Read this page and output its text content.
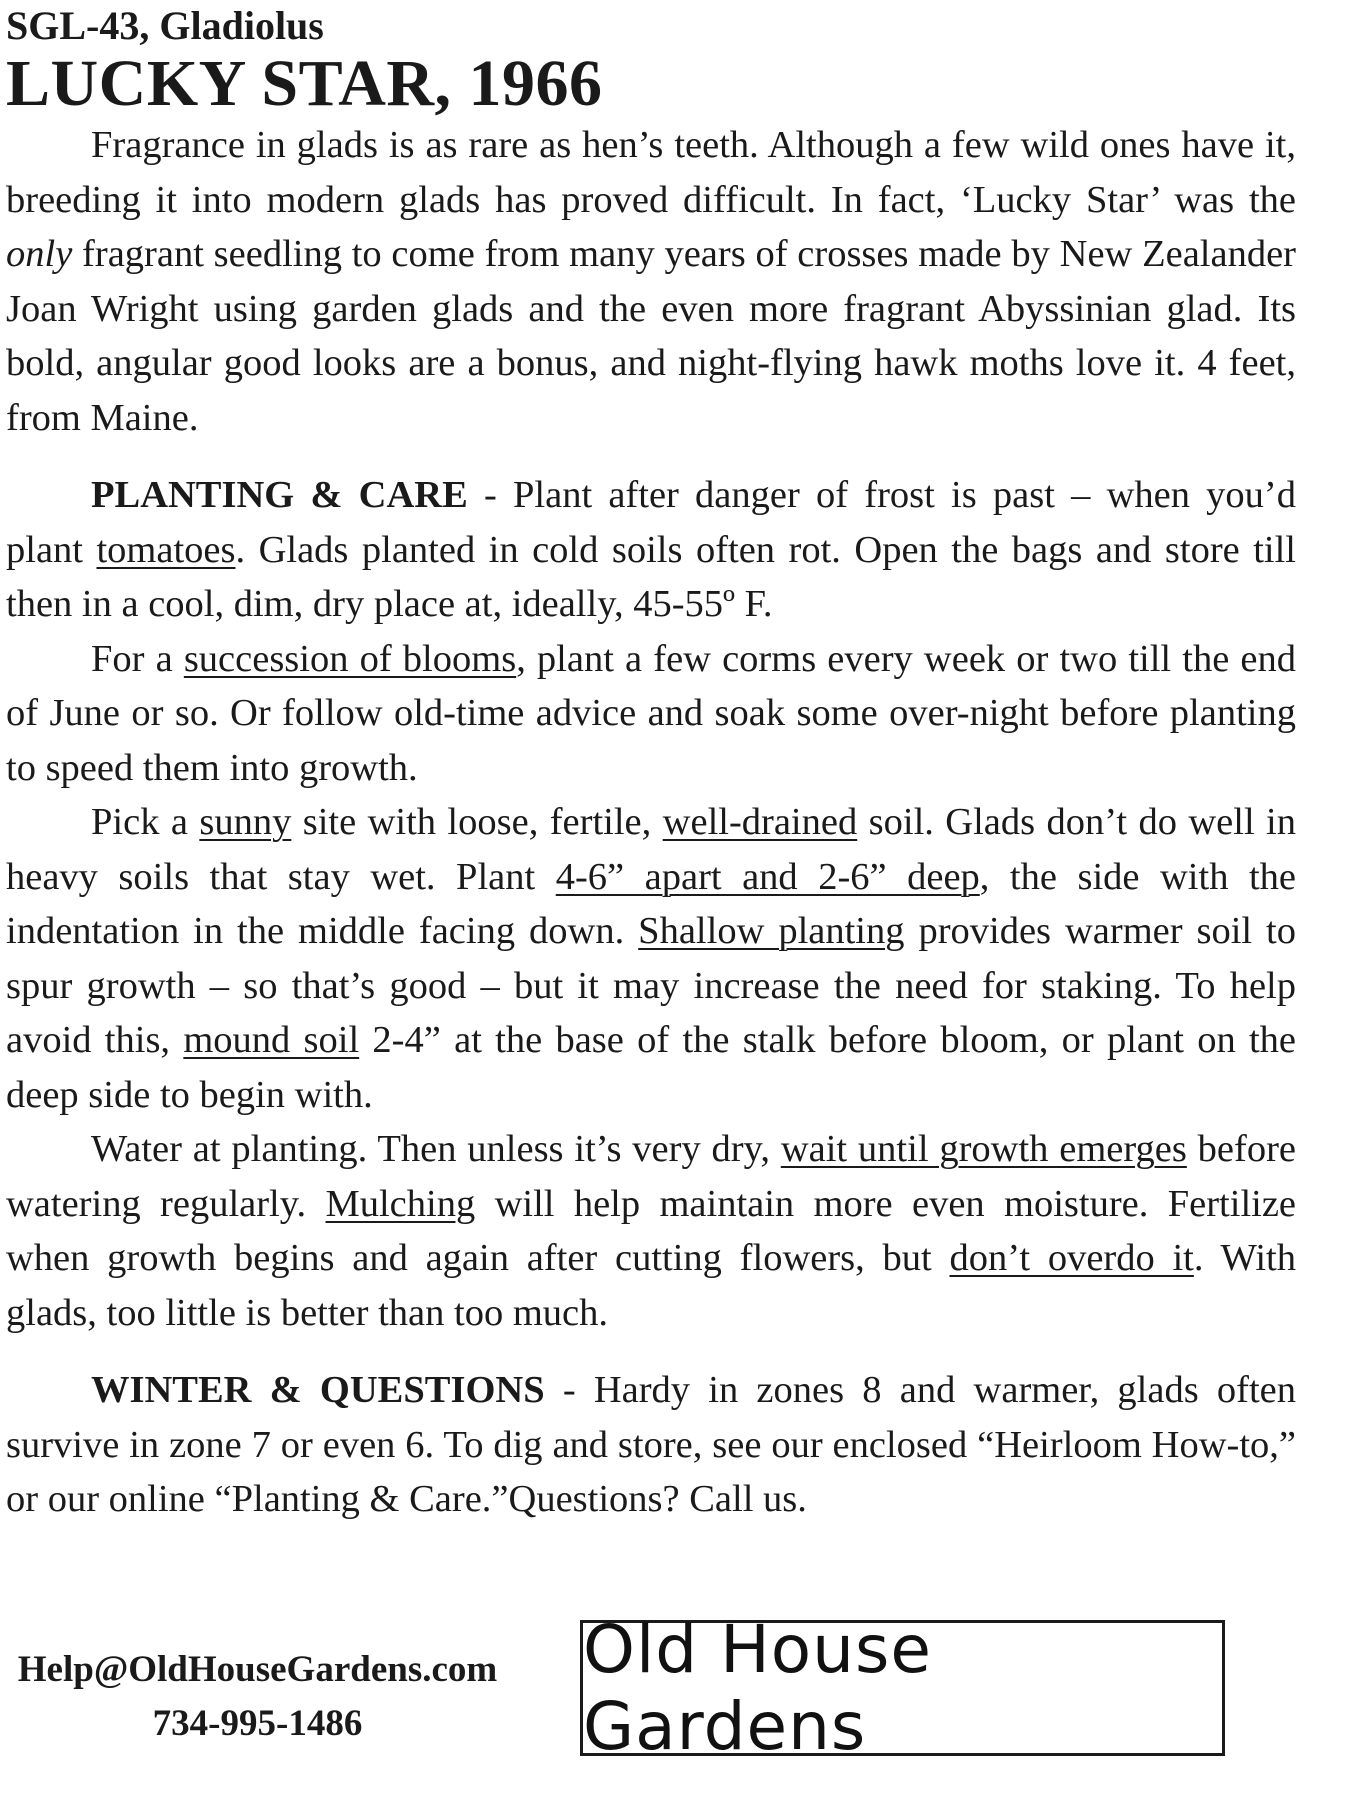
SGL-43, Gladiolus

LUCKY STAR, 1966

Fragrance in glads is as rare as hen’s teeth. Although a few wild ones have it, breeding it into modern glads has proved difficult. In fact, ‘Lucky Star’ was the only fragrant seedling to come from many years of crosses made by New Zealander Joan Wright using garden glads and the even more fragrant Abyssinian glad. Its bold, angular good looks are a bonus, and night-flying hawk moths love it. 4 feet, from Maine.

PLANTING & CARE - Plant after danger of frost is past – when you’d plant tomatoes. Glads planted in cold soils often rot. Open the bags and store till then in a cool, dim, dry place at, ideally, 45-55º F.

For a succession of blooms, plant a few corms every week or two till the end of June or so. Or follow old-time advice and soak some over-night before planting to speed them into growth.

Pick a sunny site with loose, fertile, well-drained soil. Glads don’t do well in heavy soils that stay wet. Plant 4-6” apart and 2-6” deep, the side with the indentation in the middle facing down. Shallow planting provides warmer soil to spur growth – so that’s good – but it may increase the need for staking. To help avoid this, mound soil 2-4” at the base of the stalk before bloom, or plant on the deep side to begin with.

Water at planting. Then unless it’s very dry, wait until growth emerges before watering regularly. Mulching will help maintain more even moisture. Fertilize when growth begins and again after cutting flowers, but don’t overdo it. With glads, too little is better than too much.

WINTER & QUESTIONS - Hardy in zones 8 and warmer, glads often survive in zone 7 or even 6. To dig and store, see our enclosed “Heirloom How-to,” or our online “Planting & Care.”Questions? Call us.

Help@OldHouseGardens.com
734-995-1486
Old House Gardens
